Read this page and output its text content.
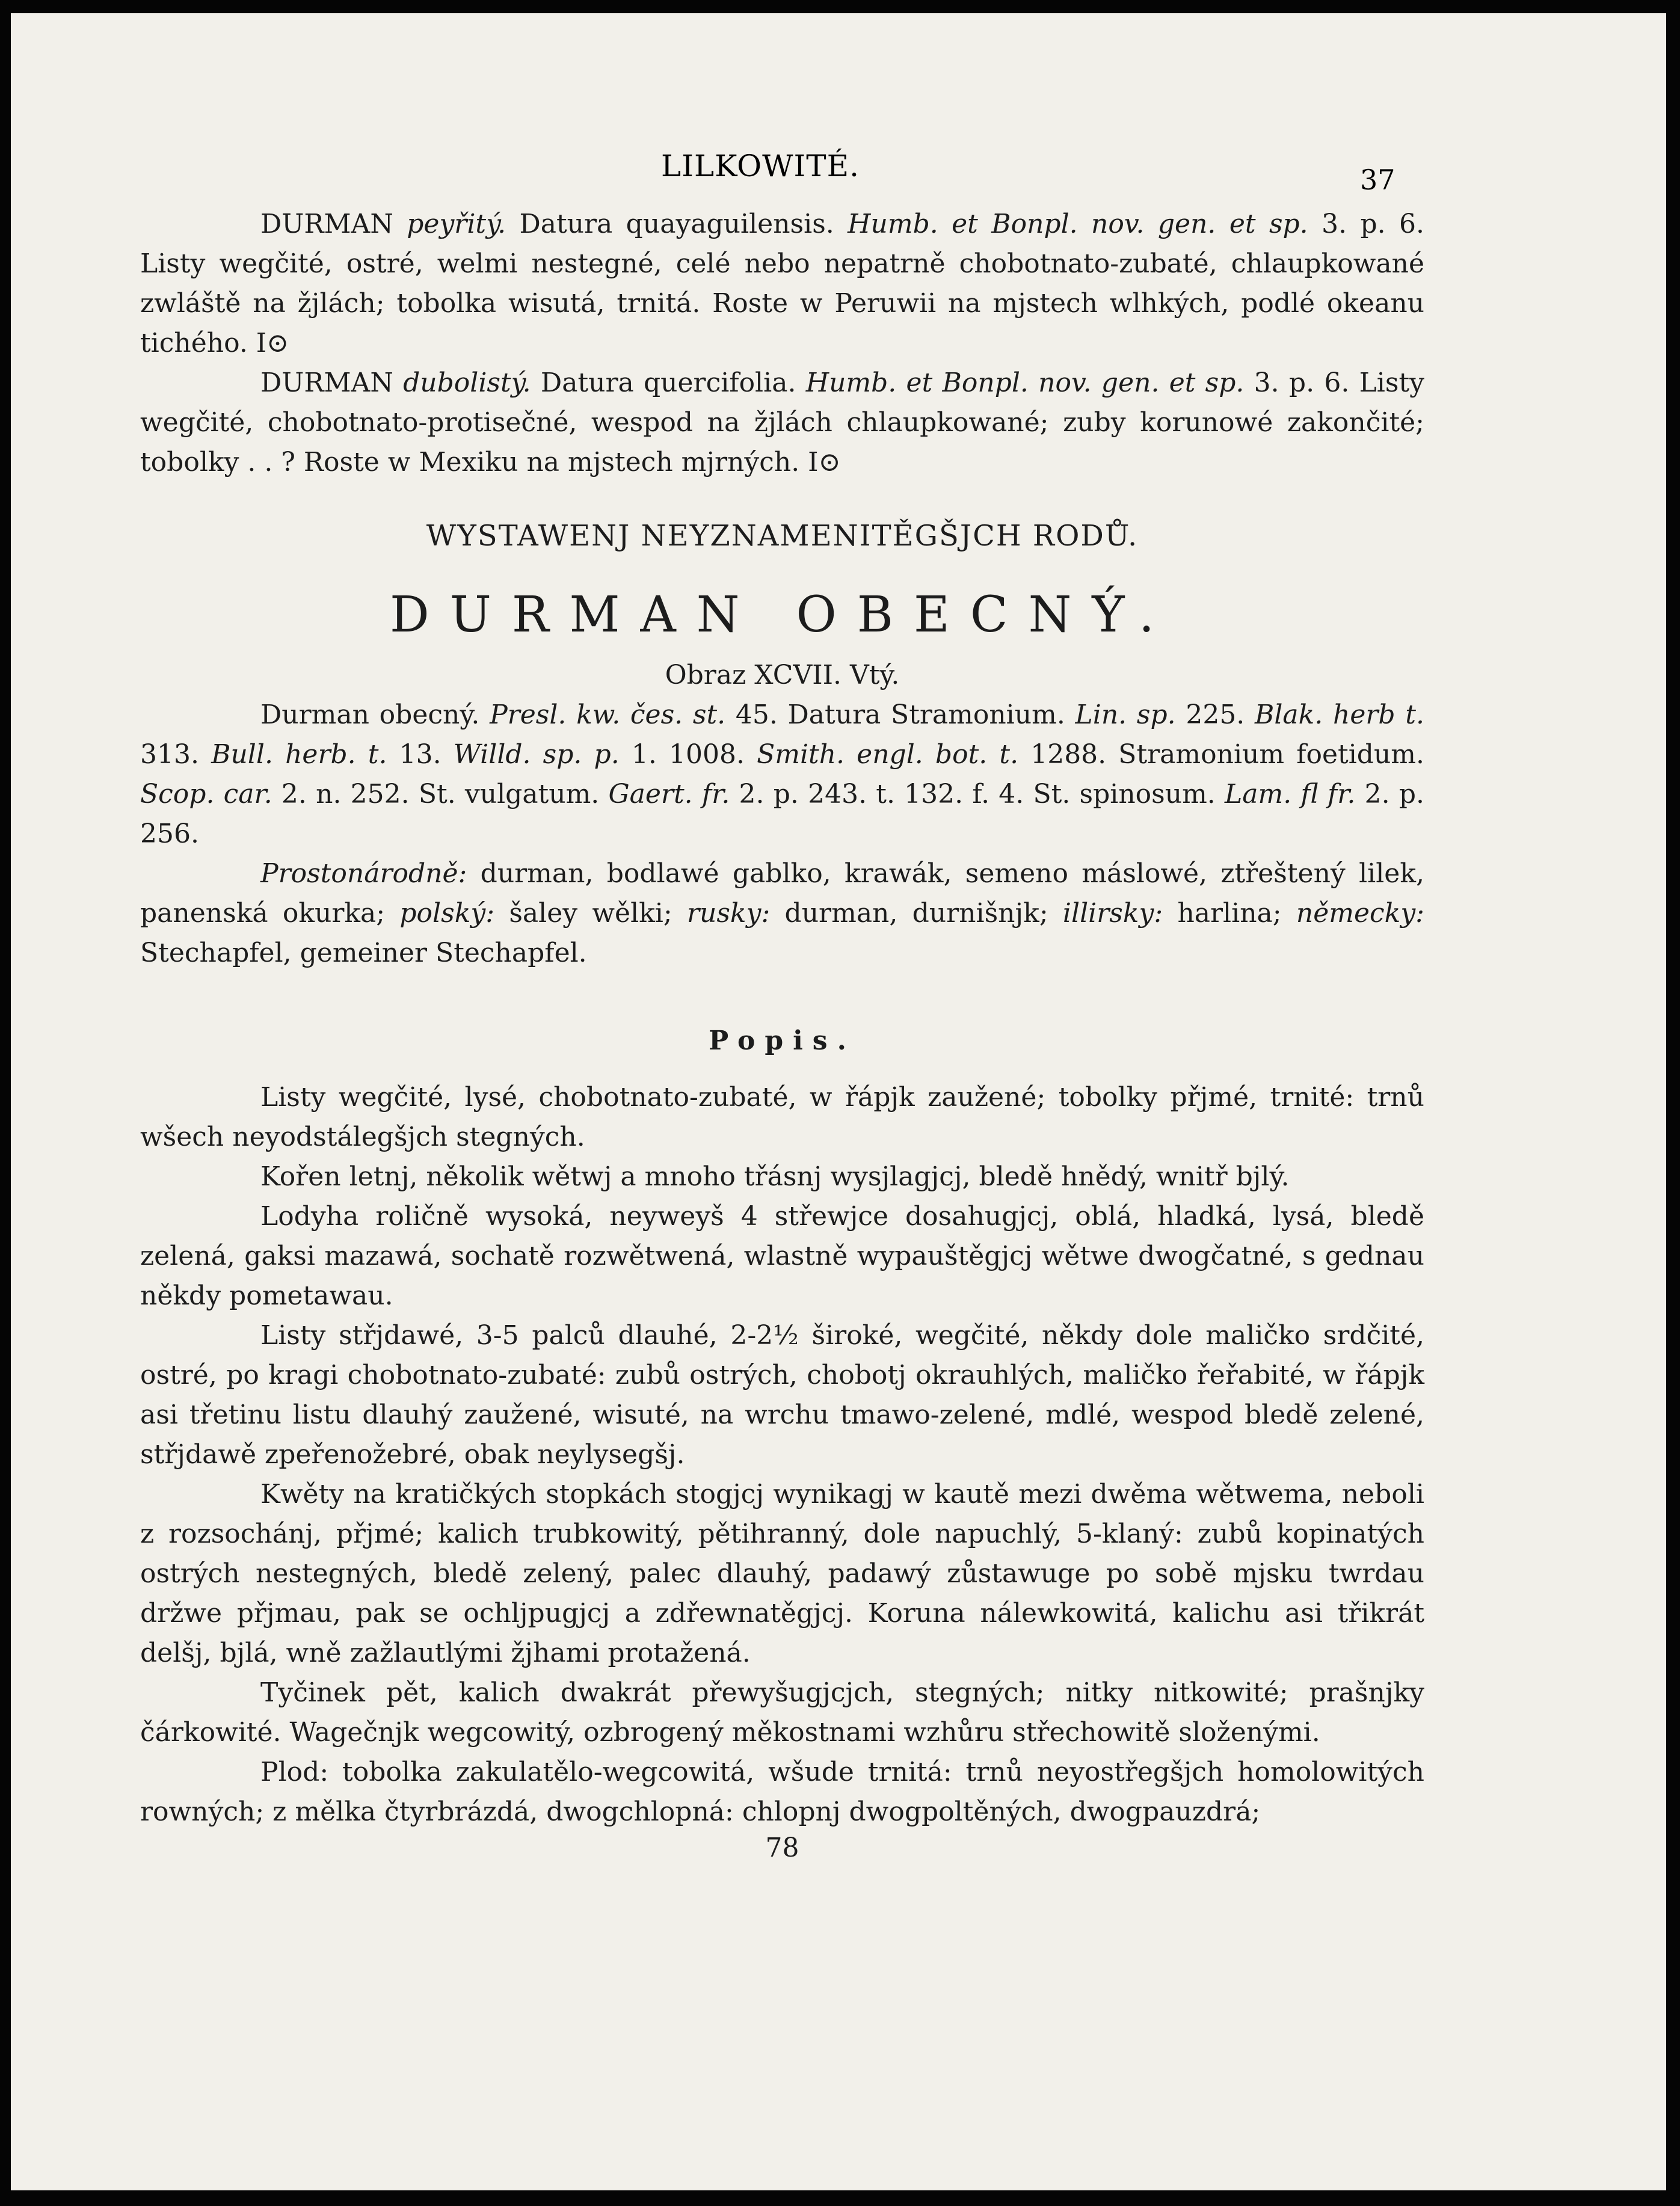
LILKOWITÉ.	37

DURMAN peyřitý. Datura quayaguilensis. Humb. et Bonpl. nov. gen. et sp. 3. p. 6. Listy wegčité, ostré, welmi nestegné, celé nebo nepatrně chobotnato-zubaté, chlaupkowané zwláště na žjlách; tobolka wisutá, trnitá. Roste w Peruwii na mjstech wlhkých, podlé okeanu tichého. I⊙

DURMAN dubolistý. Datura quercifolia. Humb. et Bonpl. nov. gen. et sp. 3. p. 6. Listy wegčité, chobotnato-protisečné, wespod na žjlách chlaupkowané; zuby korunowé zakončité; tobolky . . ? Roste w Mexiku na mjstech mjrných. I⊙

WYSTAWENJ NEYZNAMENITĚGŠJCH RODŮ.

DURMAN OBECNÝ.

Obraz XCVII. Vtý.

Durman obecný. Presl. kw. čes. st. 45. Datura Stramonium. Lin. sp. 225. Blak. herb t. 313. Bull. herb. t. 13. Willd. sp. p. 1. 1008. Smith. engl. bot. t. 1288. Stramonium foetidum. Scop. car. 2. n. 252. St. vulgatum. Gaert. fr. 2. p. 243. t. 132. f. 4. St. spinosum. Lam. fl fr. 2. p. 256.

Prostonárodně: durman, bodlawé gablko, krawák, semeno máslowé, ztřeštený lilek, panenská okurka; polský: šaley wělki; rusky: durman, durnišnjk; illirsky: harlina; německy: Stechapfel, gemeiner Stechapfel.

Popis.

Listy wegčité, lysé, chobotnato-zubaté, w řápjk zaužené; tobolky přjmé, trnité: trnů wšech neyodstálegšjch stegných.

Kořen letnj, několik wětwj a mnoho třásnj wysjlagjcj, bledě hnědý, wnitř bjlý.

Lodyha roličně wysoká, neyweyš 4 střewjce dosahugjcj, oblá, hladká, lysá, bledě zelená, gaksi mazawá, sochatě rozwětwená, wlastně wypauštěgjcj wětwe dwogčatné, s gednau někdy pometawau.

Listy střjdawé, 3-5 palců dlauhé, 2-2½ široké, wegčité, někdy dole maličko srdčité, ostré, po kragi chobotnato-zubaté: zubů ostrých, chobotj okrauhlých, maličko řeřabité, w řápjk asi třetinu listu dlauhý zaužené, wisuté, na wrchu tmawo-zelené, mdlé, wespod bledě zelené, střjdawě zpeřenožebré, obak neylysegšj.

Kwěty na kratičkých stopkách stogjcj wynikagj w kautě mezi dwěma wětwema, neboli z rozsochánj, přjmé; kalich trubkowitý, pětihranný, dole napuchlý, 5-klaný: zubů kopinatých ostrých nestegných, bledě zelený, palec dlauhý, padawý zůstawuge po sobě mjsku twrdau držwe přjmau, pak se ochljpugjcj a zdřewnatěgjcj. Koruna nálewkowitá, kalichu asi třikrát delšj, bjlá, wně zažlautlými žjhami protažená.

Tyčinek pět, kalich dwakrát přewyšugjcjch, stegných; nitky nitkowité; prašnjky čárkowité. Wagečnjk wegcowitý, ozbrogený měkostnami wzhůru střechowitě složenými.

Plod: tobolka zakulatělo-wegcowitá, wšude trnitá: trnů neyostřegšjch homolowitých rowných; z mělka čtyrbrázdá, dwogchlopná: chlopnj dwogpoltěných, dwogpauzdrá;

78
